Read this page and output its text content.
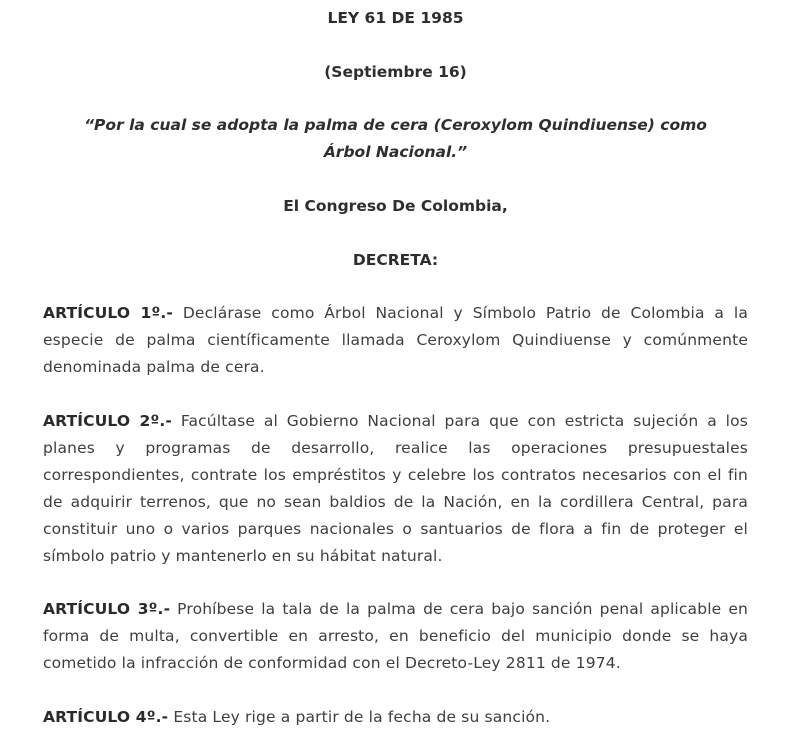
LEY 61 DE 1985

(Septiembre 16)

“Por la cual se adopta la palma de cera (Ceroxylom Quindiuense) como Árbol Nacional.”

El Congreso De Colombia,

DECRETA:

ARTÍCULO 1º.- Declárase como Árbol Nacional y Símbolo Patrio de Colombia a la especie de palma científicamente llamada Ceroxylom Quindiuense y comúnmente denominada palma de cera.

ARTÍCULO 2º.- Facúltase al Gobierno Nacional para que con estricta sujeción a los planes y programas de desarrollo, realice las operaciones presupuestales correspondientes, contrate los empréstitos y celebre los contratos necesarios con el fin de adquirir terrenos, que no sean baldios de la Nación, en la cordillera Central, para constituir uno o varios parques nacionales o santuarios de flora a fin de proteger el símbolo patrio y mantenerlo en su hábitat natural.

ARTÍCULO 3º.- Prohíbese la tala de la palma de cera bajo sanción penal aplicable en forma de multa, convertible en arresto, en beneficio del municipio donde se haya cometido la infracción de conformidad con el Decreto-Ley 2811 de 1974.

ARTÍCULO 4º.- Esta Ley rige a partir de la fecha de su sanción.
